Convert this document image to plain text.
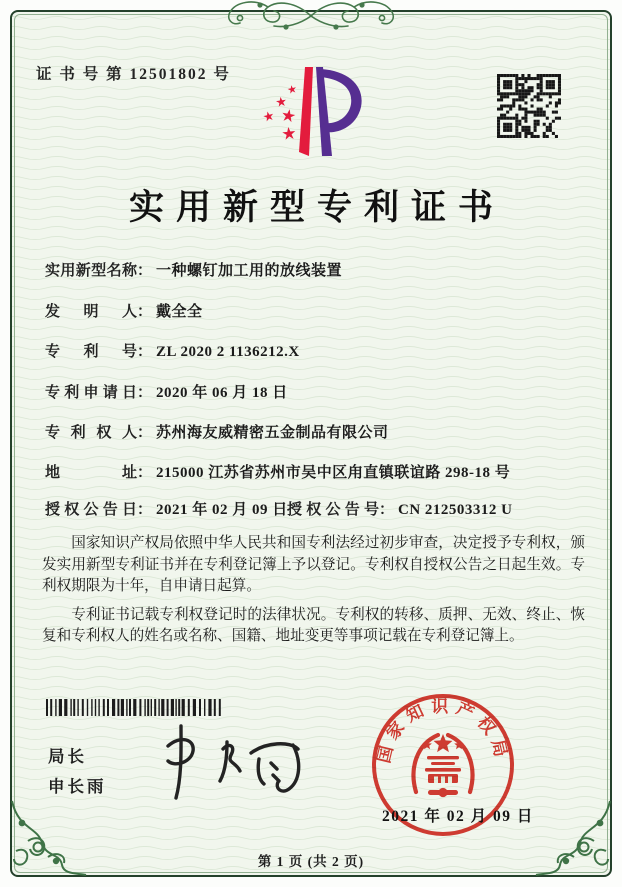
证 书 号 第 12501802 号
★
★
★ ★
★
实用新型专利证书
实用新型名称： 一种螺钉加工用的放线装置
发明人： 戴全全
专利号： ZL 2020 2 1136212.X
专利申请日： 2020 年 06 月 18 日
专利权人： 苏州海友威精密五金制品有限公司
地址： 215000 江苏省苏州市吴中区甪直镇联谊路 298-18 号
授权公告日： 2021 年 02 月 09 日 授权公告号： CN 212503312 U

国家知识产权局依照中华人民共和国专利法经过初步审查，决定授予专利权，颁发实用新型专利证书并在专利登记簿上予以登记。专利权自授权公告之日起生效。专利权期限为十年，自申请日起算。

专利证书记载专利权登记时的法律状况。专利权的转移、质押、无效、终止、恢复和专利权人的姓名或名称、国籍、地址变更等事项记载在专利登记簿上。

局长
申长雨
国家知识产权局
2021 年 02 月 09 日
第 1 页 (共 2 页)
